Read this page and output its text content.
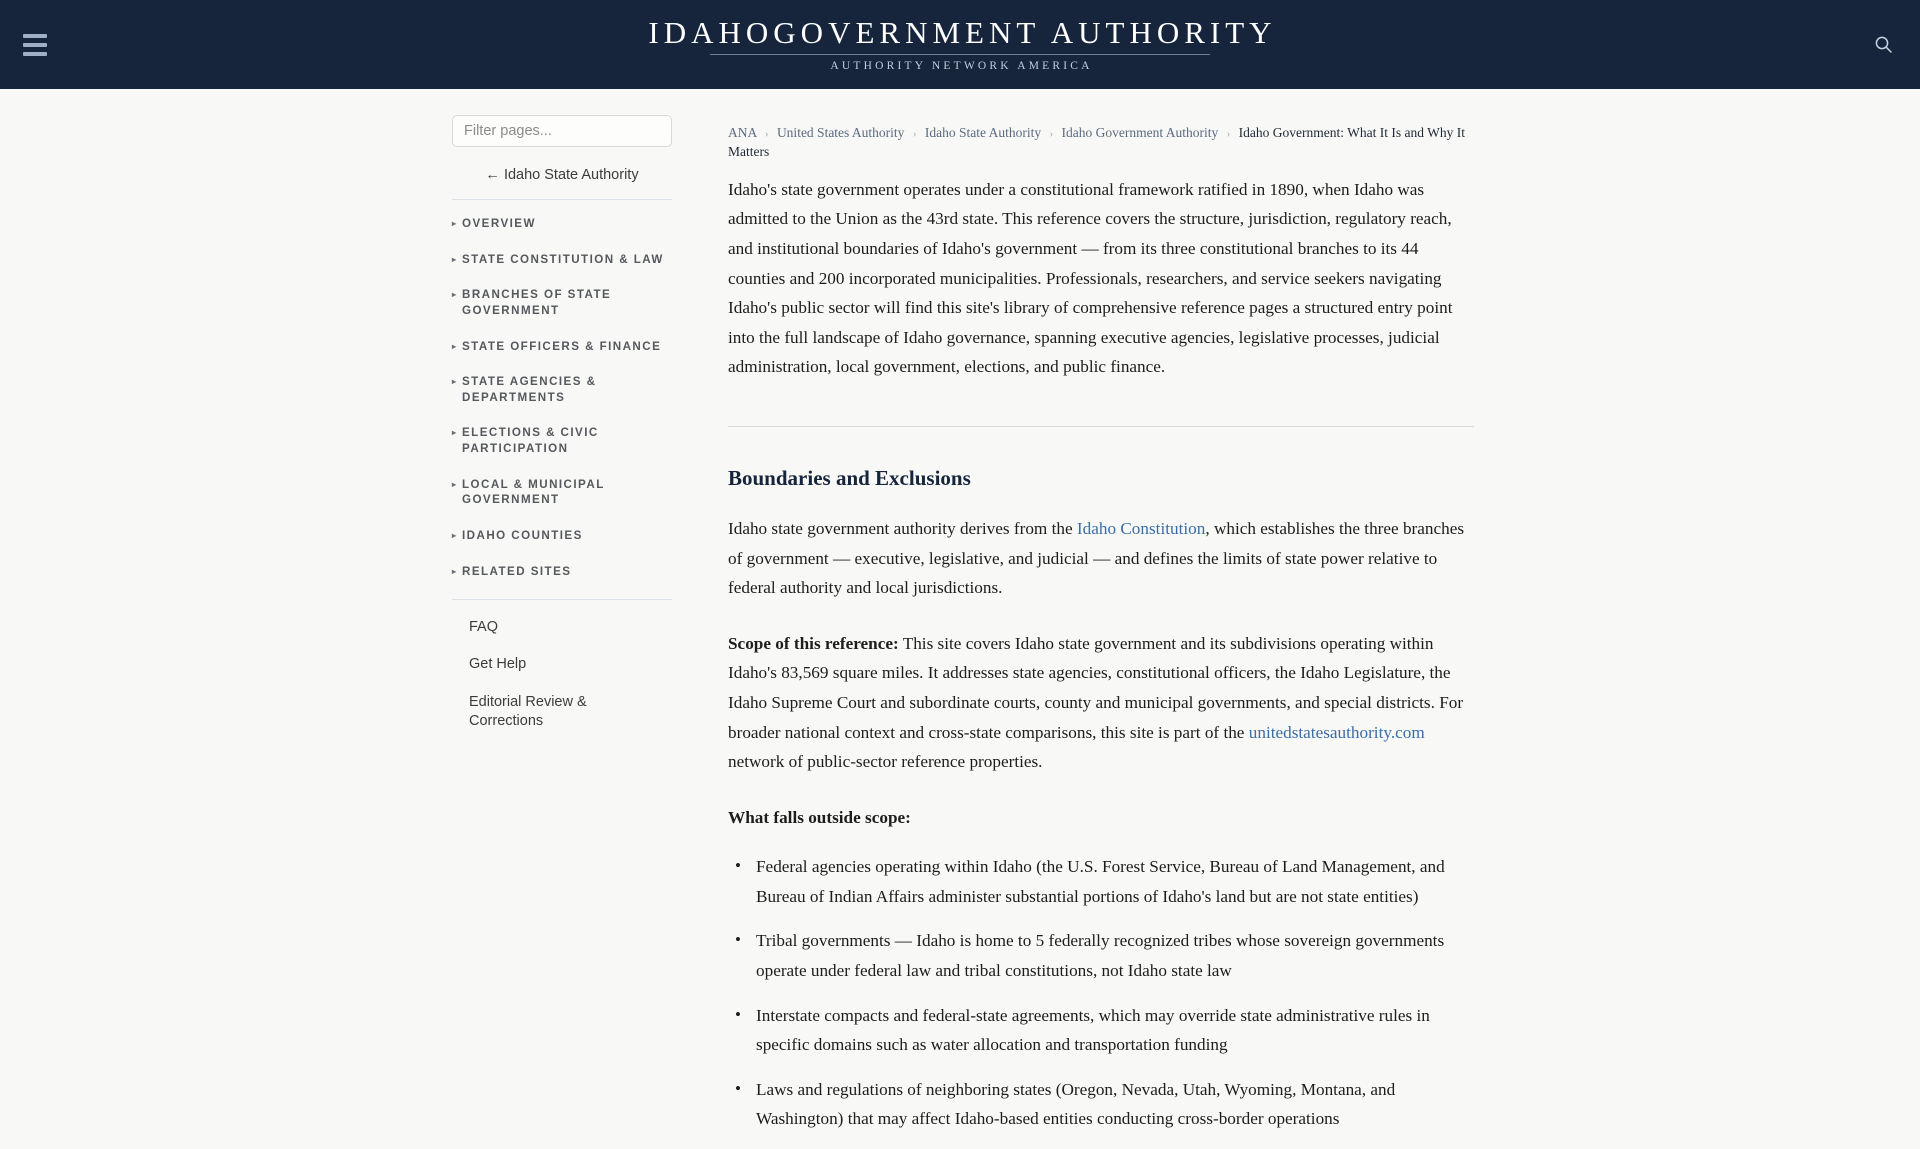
IDAHOGOVERNMENT AUTHORITY
AUTHORITY NETWORK AMERICA
Filter pages...
← Idaho State Authority
▸ OVERVIEW
▸ STATE CONSTITUTION & LAW
▸ BRANCHES OF STATE GOVERNMENT
▸ STATE OFFICERS & FINANCE
▸ STATE AGENCIES & DEPARTMENTS
▸ ELECTIONS & CIVIC PARTICIPATION
▸ LOCAL & MUNICIPAL GOVERNMENT
▸ IDAHO COUNTIES
▸ RELATED SITES
FAQ
Get Help
Editorial Review & Corrections
ANA › United States Authority › Idaho State Authority › Idaho Government Authority › Idaho Government: What It Is and Why It Matters

Idaho's state government operates under a constitutional framework ratified in 1890, when Idaho was admitted to the Union as the 43rd state. This reference covers the structure, jurisdiction, regulatory reach, and institutional boundaries of Idaho's government — from its three constitutional branches to its 44 counties and 200 incorporated municipalities. Professionals, researchers, and service seekers navigating Idaho's public sector will find this site's library of comprehensive reference pages a structured entry point into the full landscape of Idaho governance, spanning executive agencies, legislative processes, judicial administration, local government, elections, and public finance.

Boundaries and Exclusions

Idaho state government authority derives from the Idaho Constitution, which establishes the three branches of government — executive, legislative, and judicial — and defines the limits of state power relative to federal authority and local jurisdictions.

Scope of this reference: This site covers Idaho state government and its subdivisions operating within Idaho's 83,569 square miles. It addresses state agencies, constitutional officers, the Idaho Legislature, the Idaho Supreme Court and subordinate courts, county and municipal governments, and special districts. For broader national context and cross-state comparisons, this site is part of the unitedstatesauthority.com network of public-sector reference properties.

What falls outside scope:

• Federal agencies operating within Idaho (the U.S. Forest Service, Bureau of Land Management, and Bureau of Indian Affairs administer substantial portions of Idaho's land but are not state entities)
• Tribal governments — Idaho is home to 5 federally recognized tribes whose sovereign governments operate under federal law and tribal constitutions, not Idaho state law
• Interstate compacts and federal-state agreements, which may override state administrative rules in specific domains such as water allocation and transportation funding
• Laws and regulations of neighboring states (Oregon, Nevada, Utah, Wyoming, Montana, and Washington) that may affect Idaho-based entities conducting cross-border operations
